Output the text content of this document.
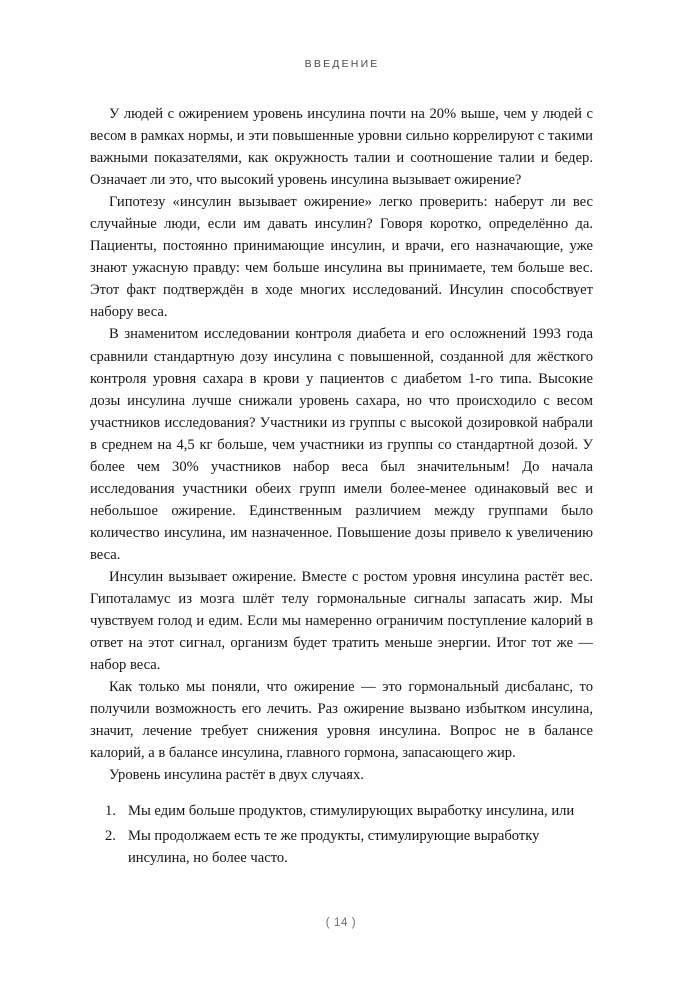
ВВЕДЕНИЕ

У людей с ожирением уровень инсулина почти на 20% выше, чем у людей с весом в рамках нормы, и эти повышенные уровни сильно коррелируют с такими важными показателями, как окружность талии и соотношение талии и бедер. Означает ли это, что высокий уровень инсулина вызывает ожирение?

Гипотезу «инсулин вызывает ожирение» легко проверить: наберут ли вес случайные люди, если им давать инсулин? Говоря коротко, определённо да. Пациенты, постоянно принимающие инсулин, и врачи, его назначающие, уже знают ужасную правду: чем больше инсулина вы принимаете, тем больше вес. Этот факт подтверждён в ходе многих исследований. Инсулин способствует набору веса.

В знаменитом исследовании контроля диабета и его осложнений 1993 года сравнили стандартную дозу инсулина с повышенной, созданной для жёсткого контроля уровня сахара в крови у пациентов с диабетом 1-го типа. Высокие дозы инсулина лучше снижали уровень сахара, но что происходило с весом участников исследования? Участники из группы с высокой дозировкой набрали в среднем на 4,5 кг больше, чем участники из группы со стандартной дозой. У более чем 30% участников набор веса был значительным! До начала исследования участники обеих групп имели более-менее одинаковый вес и небольшое ожирение. Единственным различием между группами было количество инсулина, им назначенное. Повышение дозы привело к увеличению веса.

Инсулин вызывает ожирение. Вместе с ростом уровня инсулина растёт вес. Гипоталамус из мозга шлёт телу гормональные сигналы запасать жир. Мы чувствуем голод и едим. Если мы намеренно ограничим поступление калорий в ответ на этот сигнал, организм будет тратить меньше энергии. Итог тот же — набор веса.

Как только мы поняли, что ожирение — это гормональный дисбаланс, то получили возможность его лечить. Раз ожирение вызвано избытком инсулина, значит, лечение требует снижения уровня инсулина. Вопрос не в балансе калорий, а в балансе инсулина, главного гормона, запасающего жир.

Уровень инсулина растёт в двух случаях.

1. Мы едим больше продуктов, стимулирующих выработку инсулина, или
2. Мы продолжаем есть те же продукты, стимулирующие выработку инсулина, но более часто.
( 14 )
